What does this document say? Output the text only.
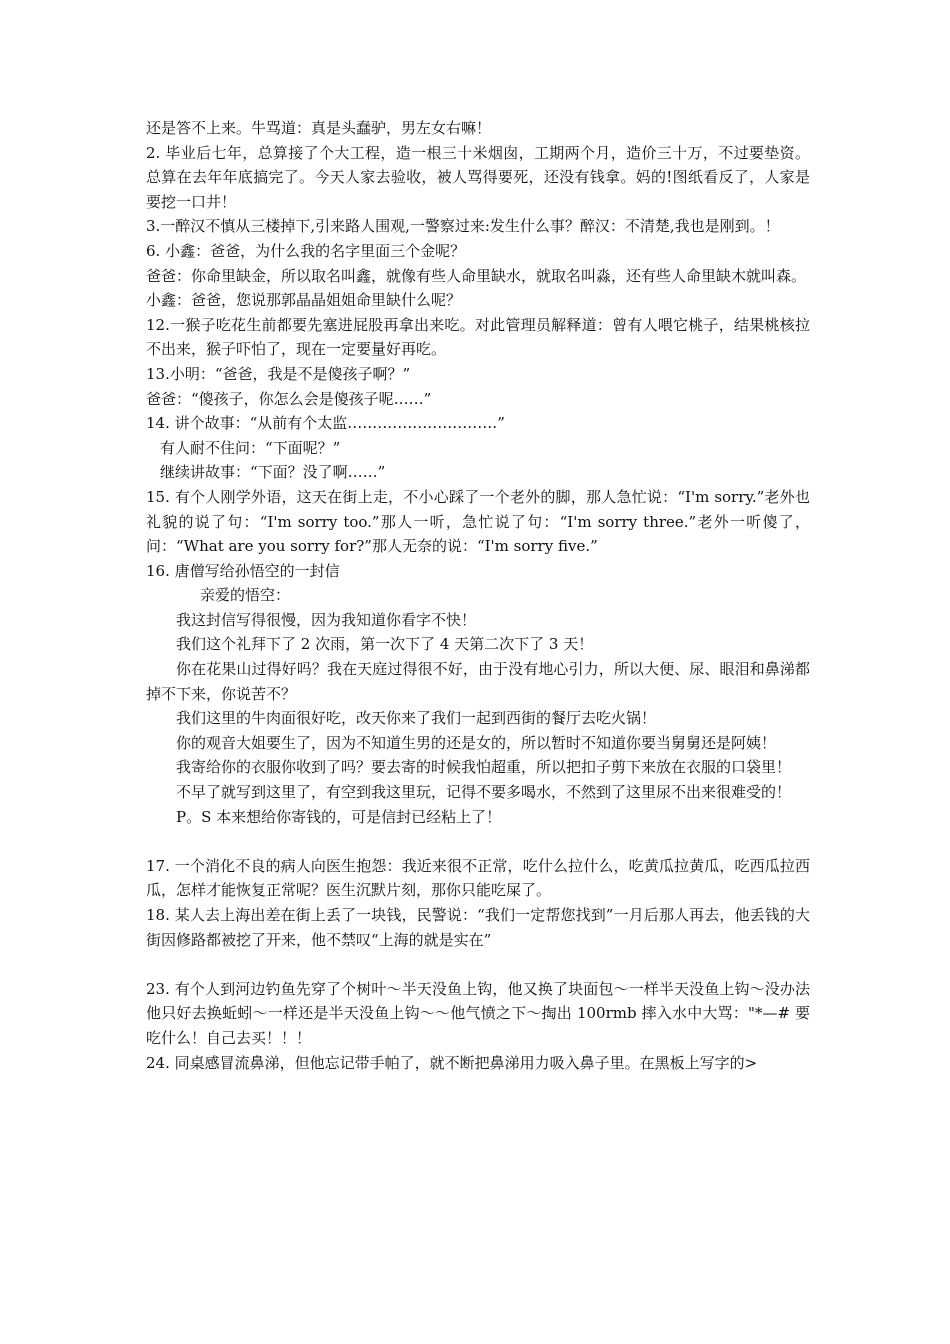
还是答不上来。牛骂道：真是头蠢驴，男左女右嘛！

2. 毕业后七年，总算接了个大工程，造一根三十米烟囱，工期两个月，造价三十万，不过要垫资。总算在去年年底搞完了。今天人家去验收，被人骂得要死，还没有钱拿。妈的!图纸看反了，人家是要挖一口井！

3.一醉汉不慎从三楼掉下,引来路人围观,一警察过来:发生什么事？醉汉：不清楚,我也是刚到。！

6. 小鑫：爸爸，为什么我的名字里面三个金呢？

爸爸：你命里缺金，所以取名叫鑫，就像有些人命里缺水，就取名叫淼，还有些人命里缺木就叫森。

小鑫：爸爸，您说那郭晶晶姐姐命里缺什么呢？

12.一猴子吃花生前都要先塞进屁股再拿出来吃。对此管理员解释道：曾有人喂它桃子，结果桃核拉不出来，猴子吓怕了，现在一定要量好再吃。

13.小明：“爸爸，我是不是傻孩子啊？”

爸爸：“傻孩子，你怎么会是傻孩子呢……”

14. 讲个故事：“从前有个太监…………………………”

有人耐不住问：“下面呢？”

继续讲故事：“下面？没了啊……”

15. 有个人刚学外语，这天在街上走，不小心踩了一个老外的脚，那人急忙说：“I'm sorry.”老外也礼貌的说了句：“I'm sorry too.”那人一听，急忙说了句：“I'm sorry three.”老外一听傻了，问：“What are you sorry for?”那人无奈的说：“I'm sorry five.”

16. 唐僧写给孙悟空的一封信

亲爱的悟空：

我这封信写得很慢，因为我知道你看字不快！

我们这个礼拜下了 2 次雨，第一次下了 4 天第二次下了 3 天！

你在花果山过得好吗？我在天庭过得很不好，由于没有地心引力，所以大便、尿、眼泪和鼻涕都掉不下来，你说苦不？

我们这里的牛肉面很好吃，改天你来了我们一起到西街的餐厅去吃火锅！

你的观音大姐要生了，因为不知道生男的还是女的，所以暂时不知道你要当舅舅还是阿姨！

我寄给你的衣服你收到了吗？要去寄的时候我怕超重，所以把扣子剪下来放在衣服的口袋里！

不早了就写到这里了，有空到我这里玩，记得不要多喝水，不然到了这里尿不出来很难受的！

P。S 本来想给你寄钱的，可是信封已经粘上了！

17. 一个消化不良的病人向医生抱怨：我近来很不正常，吃什么拉什么，吃黄瓜拉黄瓜，吃西瓜拉西瓜，怎样才能恢复正常呢？医生沉默片刻，那你只能吃屎了。

18. 某人去上海出差在街上丢了一块钱，民警说：“我们一定帮您找到”一月后那人再去，他丢钱的大街因修路都被挖了开来，他不禁叹“上海的就是实在”

23. 有个人到河边钓鱼先穿了个树叶～半天没鱼上钩，他又换了块面包～一样半天没鱼上钩～没办法他只好去换蚯蚓～一样还是半天没鱼上钩～～他气愤之下～掏出 100rmb 摔入水中大骂："*—# 要吃什么！自己去买！！！

24. 同桌感冒流鼻涕，但他忘记带手帕了，就不断把鼻涕用力吸入鼻子里。在黑板上写字的>
